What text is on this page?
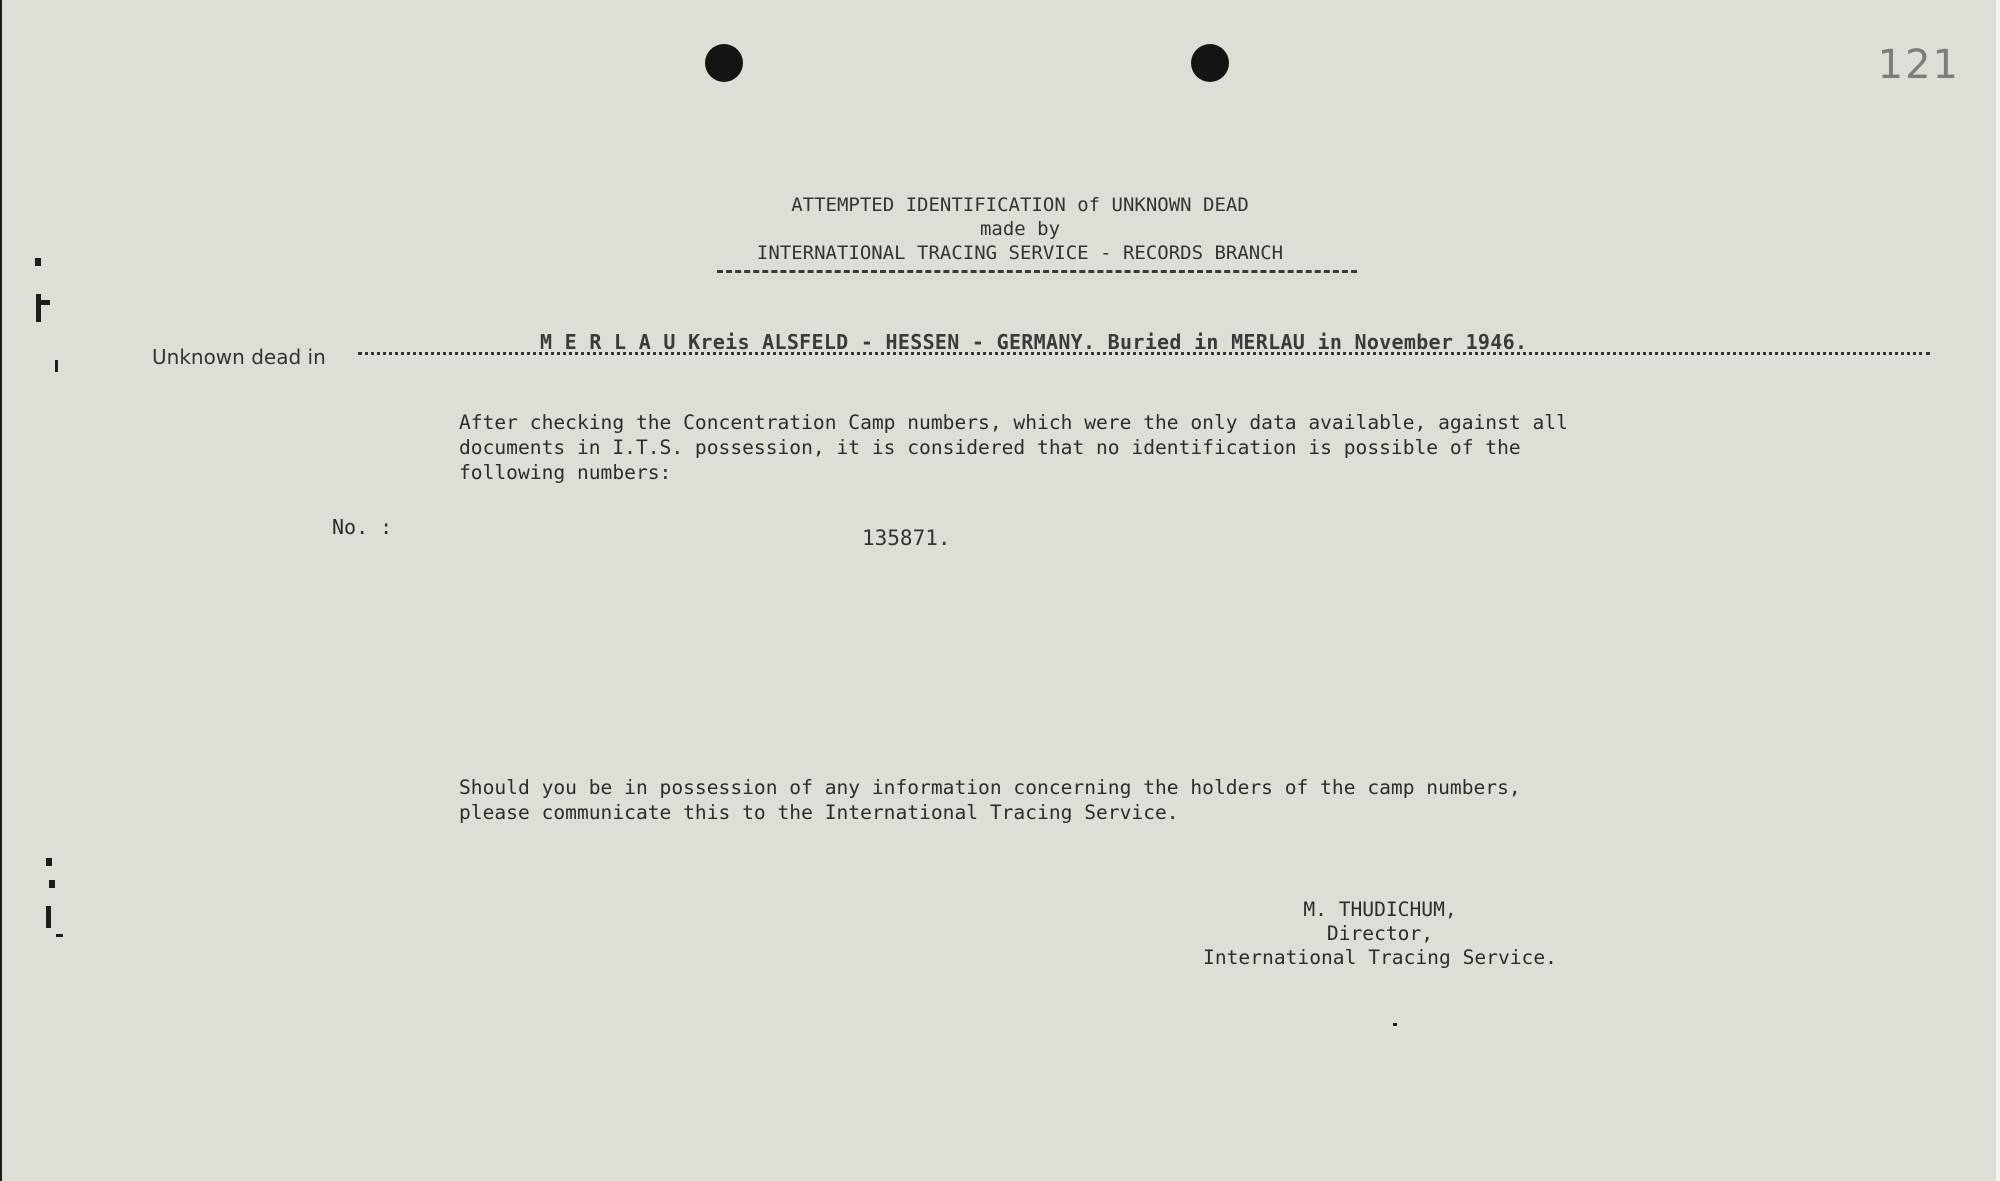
121
ATTEMPTED IDENTIFICATION of UNKNOWN DEAD
made by
INTERNATIONAL TRACING SERVICE - RECORDS BRANCH
Unknown dead in
M E R L A U Kreis ALSFELD - HESSEN - GERMANY. Buried in MERLAU in November 1946.
After checking the Concentration Camp numbers, which were the only data available, against all
documents in I.T.S. possession, it is considered that no identification is possible of the
following numbers:
No. :	135871.
Should you be in possession of any information concerning the holders of the camp numbers,
please communicate this to the International Tracing Service.
M. THUDICHUM,
Director,
International Tracing Service.
